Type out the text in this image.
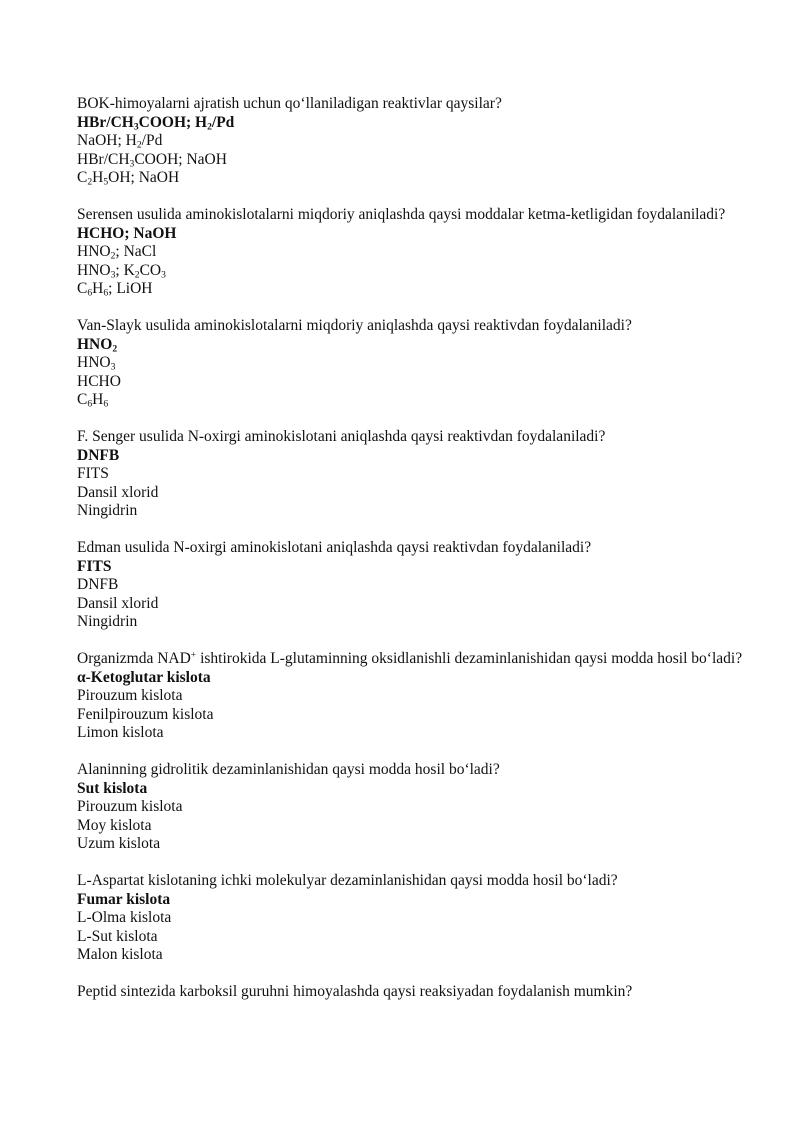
BOK-himoyalarni ajratish uchun qo‘llaniladigan reaktivlar qaysilar?

HBr/$CH_3COOH$; $H_2/Pd$
NaOH; $H_2/Pd$
HBr/$CH_3COOH$; NaOH
$C_2H_5OH$; NaOH

Serensen usulida aminokislotalarni miqdoriy aniqlashda qaysi moddalar ketma-ketligidan foydalaniladi?

HCHO; NaOH
$HNO_2$; NaCl
$HNO_3$; $K_2CO_3$
$C_6H_6$; LiOH

Van-Slayk usulida aminokislotalarni miqdoriy aniqlashda qaysi reaktivdan foydalaniladi?

$HNO_2$
$HNO_3$
HCHO
$C_6H_6$

F. Senger usulida N-oxirgi aminokislotani aniqlashda qaysi reaktivdan foydalaniladi?

DNFB
FITS
Dansil xlorid
Ningidrin

Edman usulida N-oxirgi aminokislotani aniqlashda qaysi reaktivdan foydalaniladi?

FITS
DNFB
Dansil xlorid
Ningidrin

Organizmda NAD+ ishtirokida L-glutaminning oksidlanishli dezaminlanishidan qaysi modda hosil bo‘ladi?

α-Ketoglutar kislota
Pirouzum kislota
Fenilpirouzum kislota
Limon kislota

Alaninning gidrolitik dezaminlanishidan qaysi modda hosil bo‘ladi?

Sut kislota
Pirouzum kislota
Moy kislota
Uzum kislota

L-Aspartat kislotaning ichki molekulyar dezaminlanishidan qaysi modda hosil bo‘ladi?

Fumar kislota
L-Olma kislota
L-Sut kislota
Malon kislota

Peptid sintezida karboksil guruhni himoyalashda qaysi reaksiyadan foydalanish mumkin?
